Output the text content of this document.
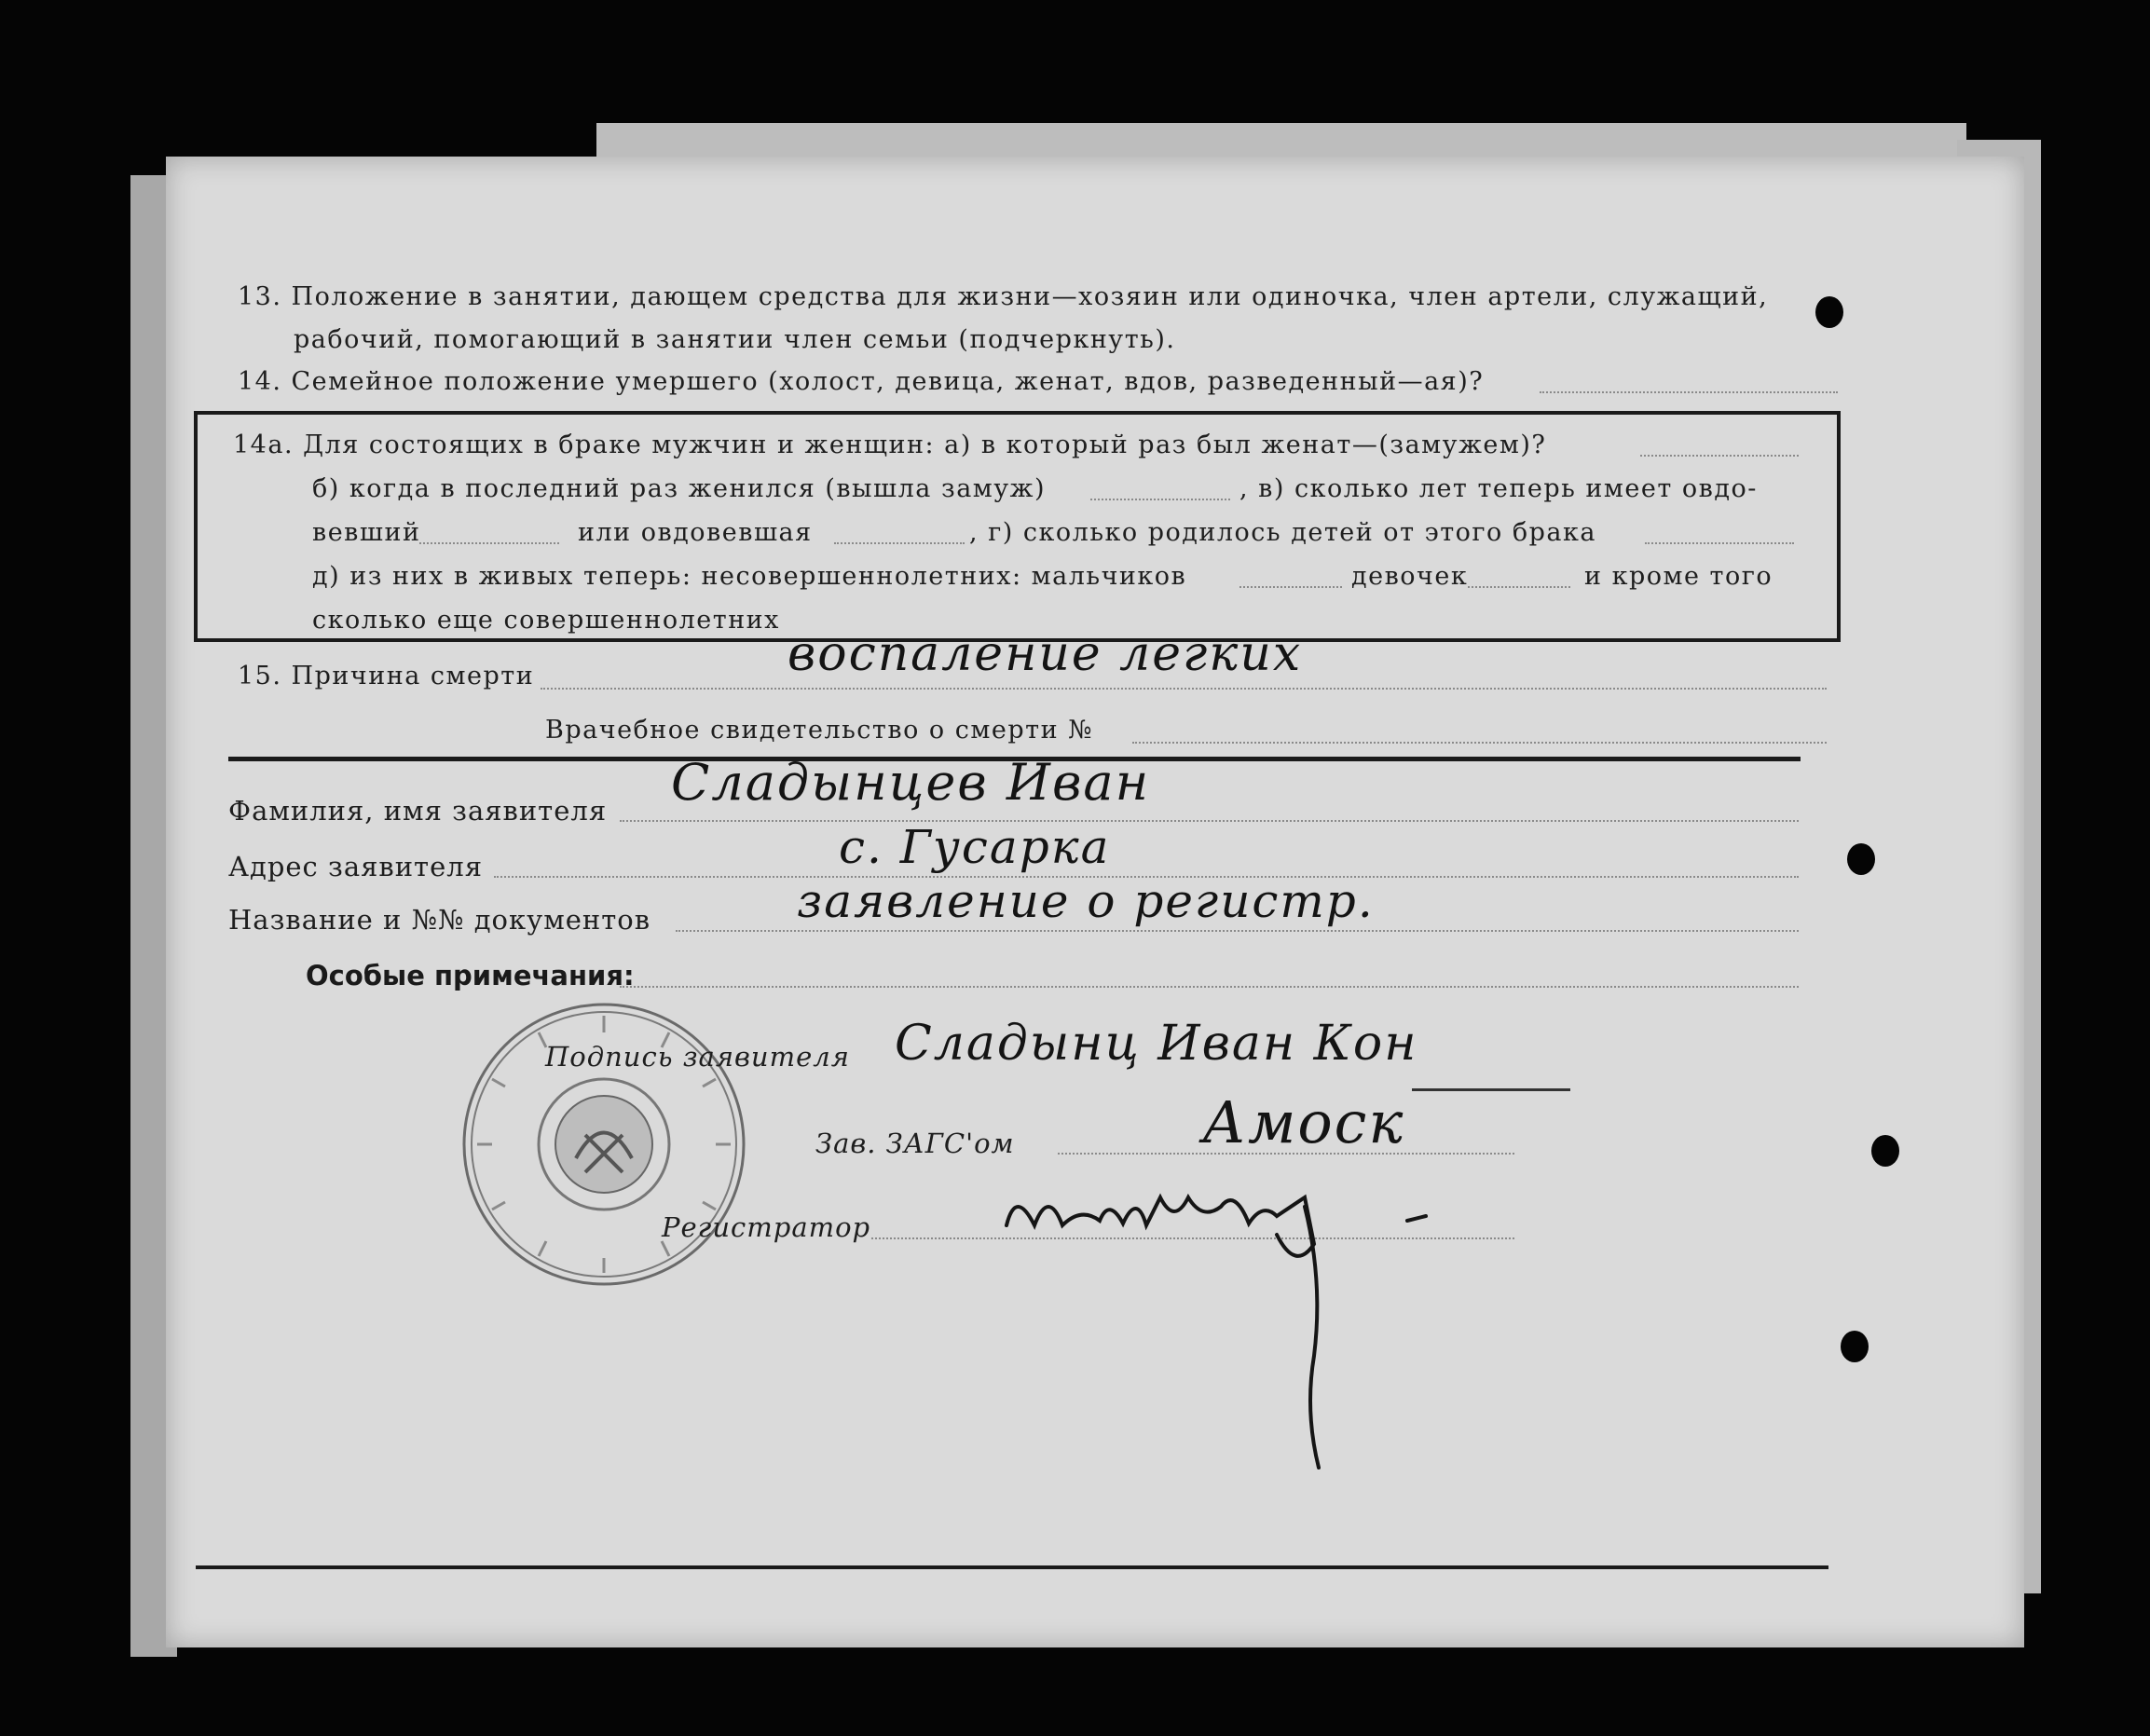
13. Положение в занятии, дающем средства для жизни—хозяин или одиночка, член артели, служащий,
рабочий, помогающий в занятии член семьи (подчеркнуть).
14. Семейное положение умершего (холост, девица, женат, вдов, разведенный—ая)?
14а. Для состоящих в браке мужчин и женщин: а) в который раз был женат—(замужем)?
б) когда в последний раз женился (вышла замуж)	, в) сколько лет теперь имеет овдо-
вевший	или овдовевшая	, г) сколько родилось детей от этого брака
д) из них в живых теперь: несовершеннолетних: мальчиков	девочек	и кроме того
сколько еще совершеннолетних
15. Причина смерти	воспаление легких
Врачебное свидетельство о смерти №
Фамилия, имя заявителя Сладынцев Иван
Адрес заявителя	с. Гусарка
Название и №№ документов	заявление о регистр.
Особые примечания:
Подпись заявителя Сладынц Иван Кон
Зав. ЗАГС'ом	Амоск
Регистратор
